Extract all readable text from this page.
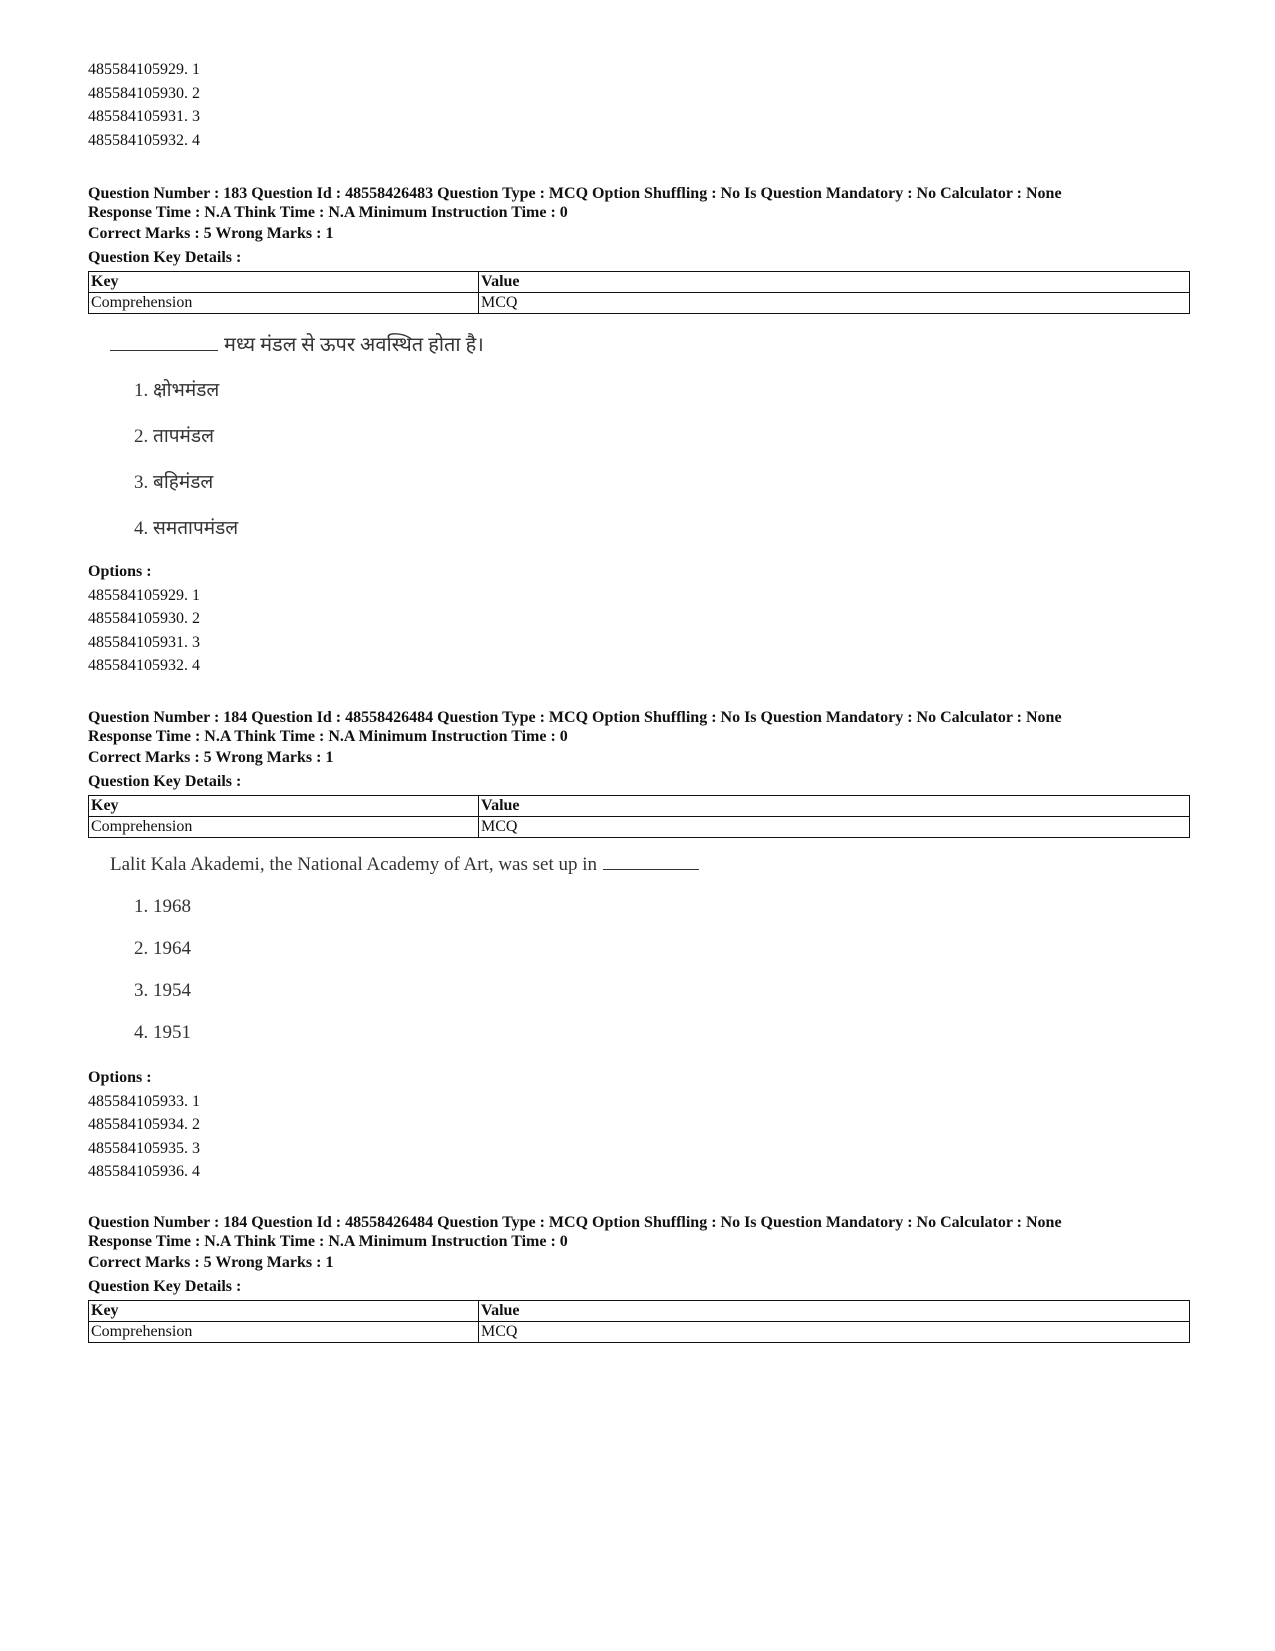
485584105929. 1
485584105930. 2
485584105931. 3
485584105932. 4
Question Number : 183 Question Id : 48558426483 Question Type : MCQ Option Shuffling : No Is Question Mandatory : No Calculator : None
Response Time : N.A Think Time : N.A Minimum Instruction Time : 0
Correct Marks : 5 Wrong Marks : 1
Question Key Details :
Key	Value
Comprehension	MCQ
मध्य मंडल से ऊपर अवस्थित होता है।
1. क्षोभमंडल
2. तापमंडल
3. बहिमंडल
4. समतापमंडल
Options :
485584105929. 1
485584105930. 2
485584105931. 3
485584105932. 4
Question Number : 184 Question Id : 48558426484 Question Type : MCQ Option Shuffling : No Is Question Mandatory : No Calculator : None
Response Time : N.A Think Time : N.A Minimum Instruction Time : 0
Correct Marks : 5 Wrong Marks : 1
Question Key Details :
Key	Value
Comprehension	MCQ
Lalit Kala Akademi, the National Academy of Art, was set up in
1. 1968
2. 1964
3. 1954
4. 1951
Options :
485584105933. 1
485584105934. 2
485584105935. 3
485584105936. 4
Question Number : 184 Question Id : 48558426484 Question Type : MCQ Option Shuffling : No Is Question Mandatory : No Calculator : None
Response Time : N.A Think Time : N.A Minimum Instruction Time : 0
Correct Marks : 5 Wrong Marks : 1
Question Key Details :
Key	Value
Comprehension	MCQ
